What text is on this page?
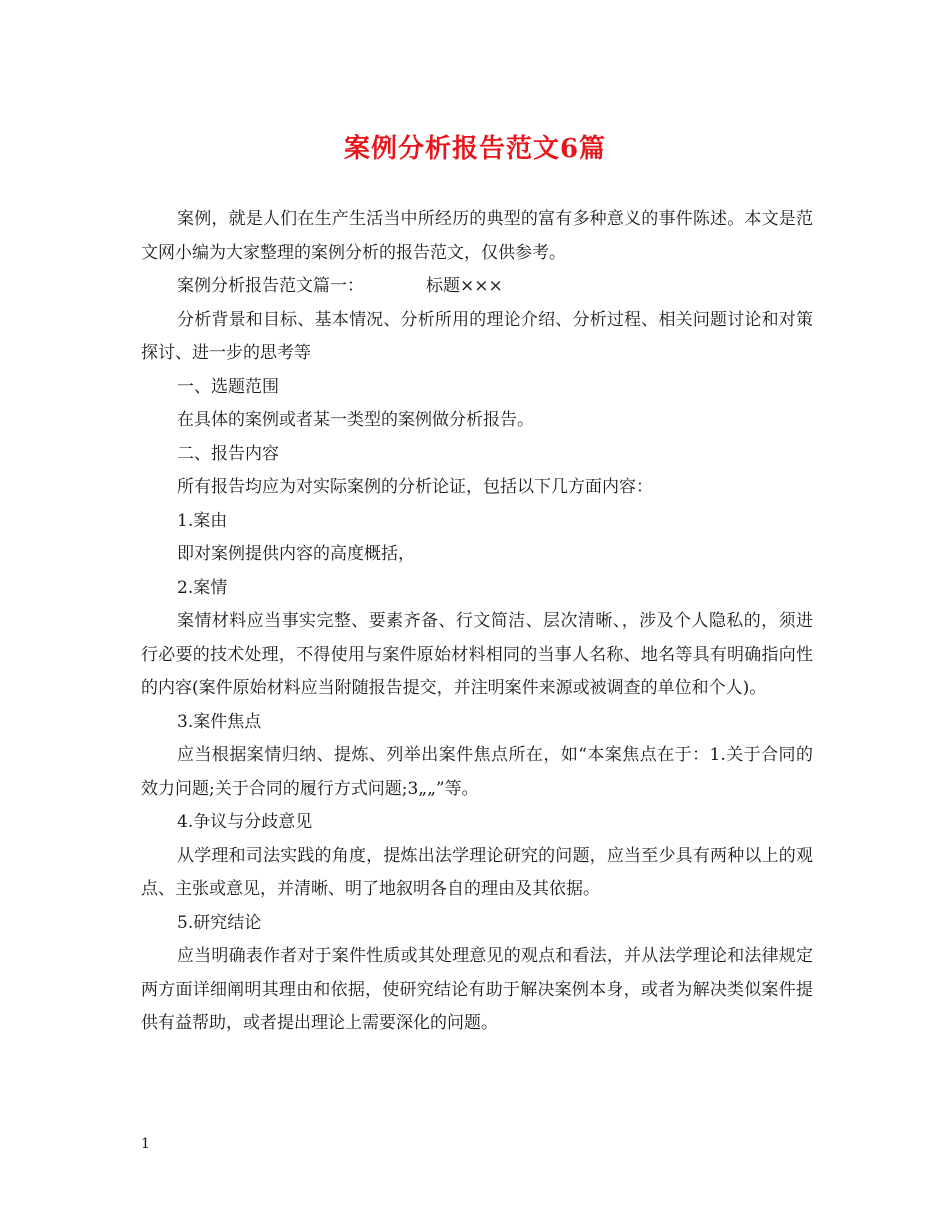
案例分析报告范文6篇

案例，就是人们在生产生活当中所经历的典型的富有多种意义的事件陈述。本文是范文网小编为大家整理的案例分析的报告范文，仅供参考。

案例分析报告范文篇一：	标题×××

分析背景和目标、基本情况、分析所用的理论介绍、分析过程、相关问题讨论和对策探讨、进一步的思考等

一、选题范围

在具体的案例或者某一类型的案例做分析报告。

二、报告内容

所有报告均应为对实际案例的分析论证，包括以下几方面内容：

1.案由

即对案例提供内容的高度概括，

2.案情

案情材料应当事实完整、要素齐备、行文简洁、层次清晰、，涉及个人隐私的，须进行必要的技术处理，不得使用与案件原始材料相同的当事人名称、地名等具有明确指向性的内容(案件原始材料应当附随报告提交，并注明案件来源或被调查的单位和个人)。

3.案件焦点

应当根据案情归纳、提炼、列举出案件焦点所在，如“本案焦点在于：1.关于合同的效力问题;关于合同的履行方式问题;3„„”等。

4.争议与分歧意见

从学理和司法实践的角度，提炼出法学理论研究的问题，应当至少具有两种以上的观点、主张或意见，并清晰、明了地叙明各自的理由及其依据。

5.研究结论

应当明确表作者对于案件性质或其处理意见的观点和看法，并从法学理论和法律规定两方面详细阐明其理由和依据，使研究结论有助于解决案例本身，或者为解决类似案件提供有益帮助，或者提出理论上需要深化的问题。

1
